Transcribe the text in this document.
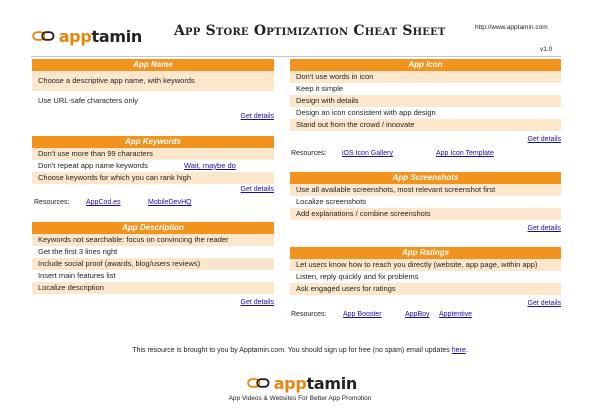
apptamin App Store Optimization Cheat Sheet	http://www.apptamin.com
v1.0
App Name
Choose a descriptive app name, with keywords
Use URL-safe characters only
Get details
App Keywords
Don't use more than 99 characters
Don't repeat app name keywords	Wait, maybe do
Choose keywords for which you can rank high
Get details
Resources: AppCod.es	MobileDevHQ
App Description
Keywords not searchable: focus on convincing the reader
Get the first 3 lines right
Include social proof (awards, blog/users reviews)
Insert main features list
Localize description
Get details
App Icon
Don't use words in icon
Keep it simple
Design with details
Design an icon consistent with app design
Stand out from the crowd / innovate
Get details
Resources: iOS Icon Gallery	App Icon Template
App Screenshots
Use all available screenshots, most relevant screenshot first
Localize screenshots
Add explanations / combine screenshots
Get details
App Ratings
Let users know how to reach you directly (website, app page, within app)
Listen, reply quickly and fix problems
Ask engaged users for ratings
Get details
Resources: App Booster	AppBoy Apptentive
This resource is brought to you by Apptamin.com. You should sign up for free (no spam) email updates here.
apptamin
App Videos & Websites For Better App Promotion
